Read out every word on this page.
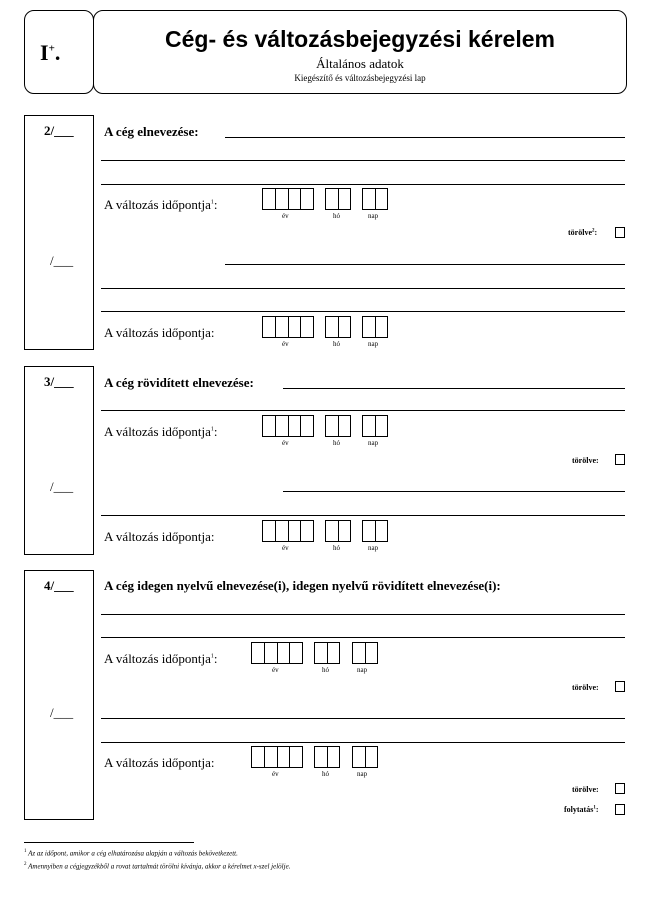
I+.
Cég- és változásbejegyzési kérelem
Általános adatok
Kiegészítő és változásbejegyzési lap
2/___
/___
A cég elnevezése:
A változás időpontja$^1$:
év	hó	nap
törölve$^2$:
A változás időpontja:
év	hó	nap
3/___
/___
A cég rövidített elnevezése:
A változás időpontja$^1$:
év	hó	nap
törölve:
A változás időpontja:
év	hó	nap
4/___
/___
A cég idegen nyelvű elnevezése(i), idegen nyelvű rövidített elnevezése(i):
A változás időpontja$^1$:
év	hó	nap
törölve:
A változás időpontja:
év	hó	nap
törölve:
folytatás$^1$:
$^1$ Az az időpont, amikor a cég elhatározása alapján a változás bekövetkezett.
$^2$ Amennyiben a cégjegyzékből a rovat tartalmát törölni kívánja, akkor a kérelmet x-szel jelölje.
